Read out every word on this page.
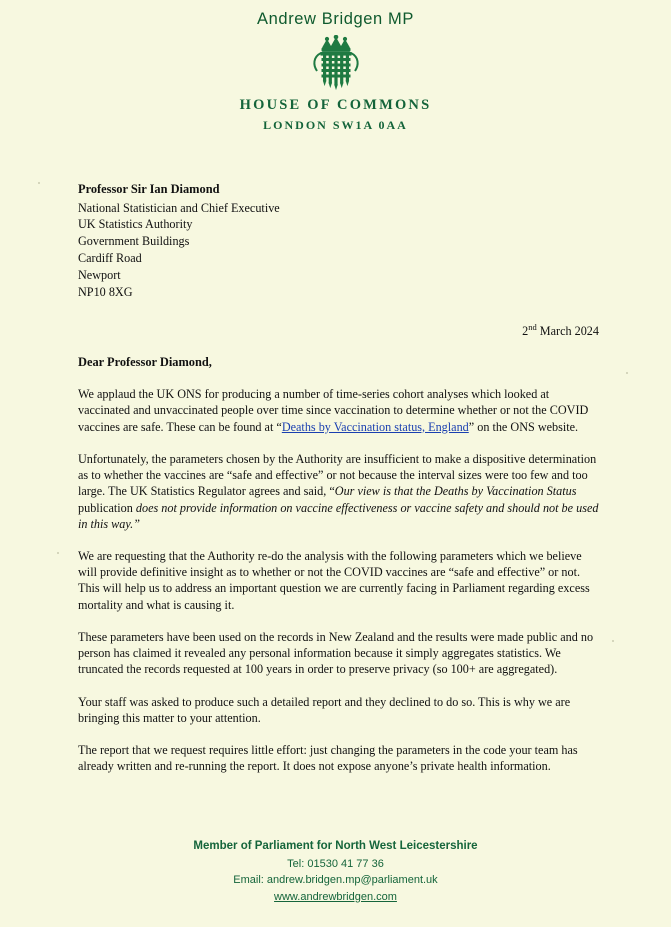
Andrew Bridgen MP
HOUSE OF COMMONS
LONDON SW1A 0AA
Professor Sir Ian Diamond
National Statistician and Chief Executive
UK Statistics Authority
Government Buildings
Cardiff Road
Newport
NP10 8XG
2nd March 2024
Dear Professor Diamond,

We applaud the UK ONS for producing a number of time-series cohort analyses which looked at vaccinated and unvaccinated people over time since vaccination to determine whether or not the COVID vaccines are safe. These can be found at “Deaths by Vaccination status, England” on the ONS website.

Unfortunately, the parameters chosen by the Authority are insufficient to make a dispositive determination as to whether the vaccines are “safe and effective” or not because the interval sizes were too few and too large. The UK Statistics Regulator agrees and said, “Our view is that the Deaths by Vaccination Status publication does not provide information on vaccine effectiveness or vaccine safety and should not be used in this way.”

We are requesting that the Authority re-do the analysis with the following parameters which we believe will provide definitive insight as to whether or not the COVID vaccines are “safe and effective” or not. This will help us to address an important question we are currently facing in Parliament regarding excess mortality and what is causing it.

These parameters have been used on the records in New Zealand and the results were made public and no person has claimed it revealed any personal information because it simply aggregates statistics. We truncated the records requested at 100 years in order to preserve privacy (so 100+ are aggregated).

Your staff was asked to produce such a detailed report and they declined to do so. This is why we are bringing this matter to your attention.

The report that we request requires little effort: just changing the parameters in the code your team has already written and re-running the report. It does not expose anyone’s private health information.

Member of Parliament for North West Leicestershire
Tel: 01530 41 77 36
Email: andrew.bridgen.mp@parliament.uk
www.andrewbridgen.com
